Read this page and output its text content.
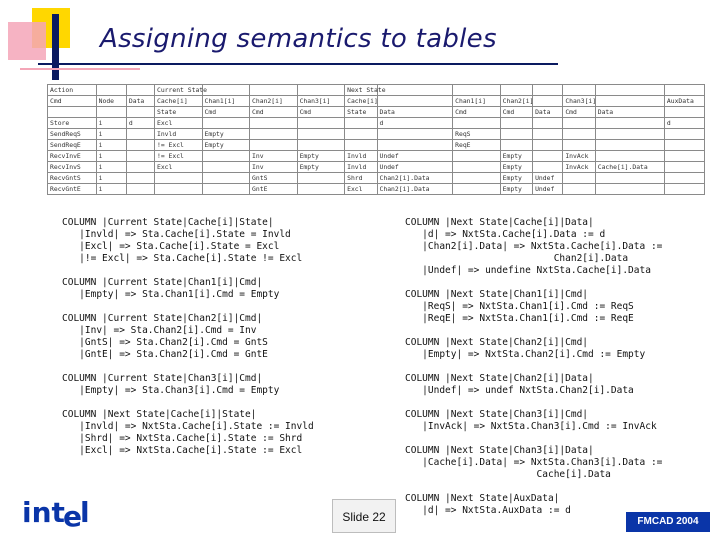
Assigning semantics to tables
Action			Current State				Next State							
Cmd	Node	Data	Cache[i]	Chan1[i]	Chan2[i]	Chan3[i]	Cache[i]		Chan1[i]	Chan2[i]		Chan3[i]		AuxData
			State	Cmd	Cmd	Cmd	State	Data	Cmd	Cmd	Data	Cmd	Data	
Store	i	d	Excl					d						d
SendReqS	i		Invld	Empty					ReqS					
SendReqE	i		!= Excl	Empty					ReqE					
RecvInvE	i		!= Excl		Inv	Empty	Invld	Undef		Empty		InvAck		
RecvInvS	i		Excl		Inv	Empty	Invld	Undef		Empty		InvAck	Cache[i].Data	
RecvGntS	i				GntS		Shrd	Chan2[i].Data		Empty	Undef			
RecvGntE	i				GntE		Excl	Chan2[i].Data		Empty	Undef			
COLUMN |Current State|Cache[i]|State|
|Invld| => Sta.Cache[i].State = Invld
|Excl| => Sta.Cache[i].State = Excl
|!= Excl| => Sta.Cache[i].State != Excl
COLUMN |Current State|Chan1[i]|Cmd|
|Empty| => Sta.Chan1[i].Cmd = Empty
COLUMN |Current State|Chan2[i]|Cmd|
|Inv| => Sta.Chan2[i].Cmd = Inv
|GntS| => Sta.Chan2[i].Cmd = GntS
|GntE| => Sta.Chan2[i].Cmd = GntE
COLUMN |Current State|Chan3[i]|Cmd|
|Empty| => Sta.Chan3[i].Cmd = Empty
COLUMN |Next State|Cache[i]|State|
|Invld| => NxtSta.Cache[i].State := Invld
|Shrd| => NxtSta.Cache[i].State := Shrd
|Excl| => NxtSta.Cache[i].State := Excl
COLUMN |Next State|Cache[i]|Data|
|d| => NxtSta.Cache[i].Data := d
|Chan2[i].Data| => NxtSta.Cache[i].Data :=
Chan2[i].Data
|Undef| => undefine NxtSta.Cache[i].Data
COLUMN |Next State|Chan1[i]|Cmd|
|ReqS| => NxtSta.Chan1[i].Cmd := ReqS
|ReqE| => NxtSta.Chan1[i].Cmd := ReqE
COLUMN |Next State|Chan2[i]|Cmd|
|Empty| => NxtSta.Chan2[i].Cmd := Empty
COLUMN |Next State|Chan2[i]|Data|
|Undef| => undef NxtSta.Chan2[i].Data
COLUMN |Next State|Chan3[i]|Cmd|
|InvAck| => NxtSta.Chan3[i].Cmd := InvAck
COLUMN |Next State|Chan3[i]|Data|
|Cache[i].Data| => NxtSta.Chan3[i].Data :=
Cache[i].Data
COLUMN |Next State|AuxData|
|d| => NxtSta.AuxData := d
int
e
l	Slide 22	FMCAD 2004
